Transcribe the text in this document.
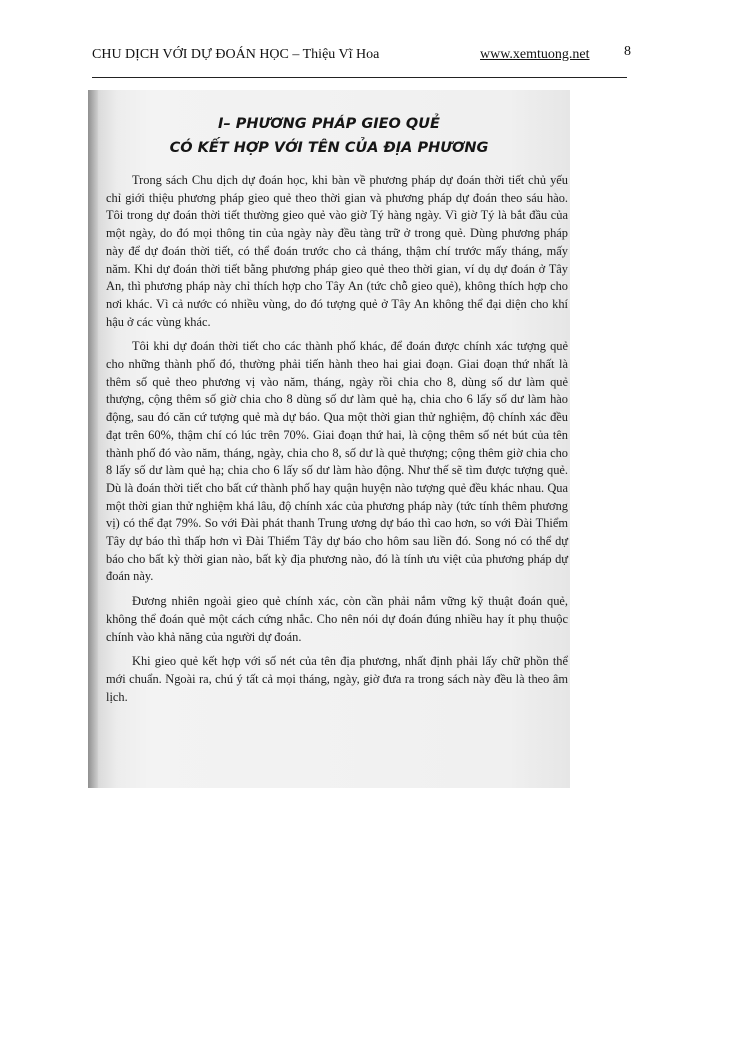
CHU DỊCH VỚI DỰ ĐOÁN HỌC – Thiệu Vĩ Hoa	www.xemtuong.net 8
I– PHƯƠNG PHÁP GIEO QUẺ
CÓ KẾT HỢP VỚI TÊN CỦA ĐỊA PHƯƠNG

Trong sách Chu dịch dự đoán học, khi bàn về phương pháp dự đoán thời tiết chủ yếu chỉ giới thiệu phương pháp gieo quẻ theo thời gian và phương pháp dự đoán theo sáu hào. Tôi trong dự đoán thời tiết thường gieo quẻ vào giờ Tý hàng ngày. Vì giờ Tý là bắt đầu của một ngày, do đó mọi thông tin của ngày này đều tàng trữ ở trong quẻ. Dùng phương pháp này để dự đoán thời tiết, có thể đoán trước cho cả tháng, thậm chí trước mấy tháng, mấy năm. Khi dự đoán thời tiết bằng phương pháp gieo quẻ theo thời gian, ví dụ dự đoán ở Tây An, thì phương pháp này chỉ thích hợp cho Tây An (tức chỗ gieo quẻ), không thích hợp cho nơi khác. Vì cả nước có nhiều vùng, do đó tượng quẻ ở Tây An không thể đại diện cho khí hậu ở các vùng khác.

Tôi khi dự đoán thời tiết cho các thành phố khác, để đoán được chính xác tượng quẻ cho những thành phố đó, thường phải tiến hành theo hai giai đoạn. Giai đoạn thứ nhất là thêm số quẻ theo phương vị vào năm, tháng, ngày rồi chia cho 8, dùng số dư làm quẻ thượng, cộng thêm số giờ chia cho 8 dùng số dư làm quẻ hạ, chia cho 6 lấy số dư làm hào động, sau đó căn cứ tượng quẻ mà dự báo. Qua một thời gian thử nghiệm, độ chính xác đều đạt trên 60%, thậm chí có lúc trên 70%. Giai đoạn thứ hai, là cộng thêm số nét bút của tên thành phố đó vào năm, tháng, ngày, chia cho 8, số dư là quẻ thượng; cộng thêm giờ chia cho 8 lấy số dư làm quẻ hạ; chia cho 6 lấy số dư làm hào động. Như thế sẽ tìm được tượng quẻ. Dù là đoán thời tiết cho bất cứ thành phố hay quận huyện nào tượng quẻ đều khác nhau. Qua một thời gian thử nghiệm khá lâu, độ chính xác của phương pháp này (tức tính thêm phương vị) có thể đạt 79%. So với Đài phát thanh Trung ương dự báo thì cao hơn, so với Đài Thiểm Tây dự báo thì thấp hơn vì Đài Thiểm Tây dự báo cho hôm sau liền đó. Song nó có thể dự báo cho bất kỳ thời gian nào, bất kỳ địa phương nào, đó là tính ưu việt của phương pháp dự đoán này.

Đương nhiên ngoài gieo quẻ chính xác, còn cần phải nắm vững kỹ thuật đoán quẻ, không thể đoán quẻ một cách cứng nhắc. Cho nên nói dự đoán đúng nhiều hay ít phụ thuộc chính vào khả năng của người dự đoán.

Khi gieo quẻ kết hợp với số nét của tên địa phương, nhất định phải lấy chữ phồn thể mới chuẩn. Ngoài ra, chú ý tất cả mọi tháng, ngày, giờ đưa ra trong sách này đều là theo âm lịch.
